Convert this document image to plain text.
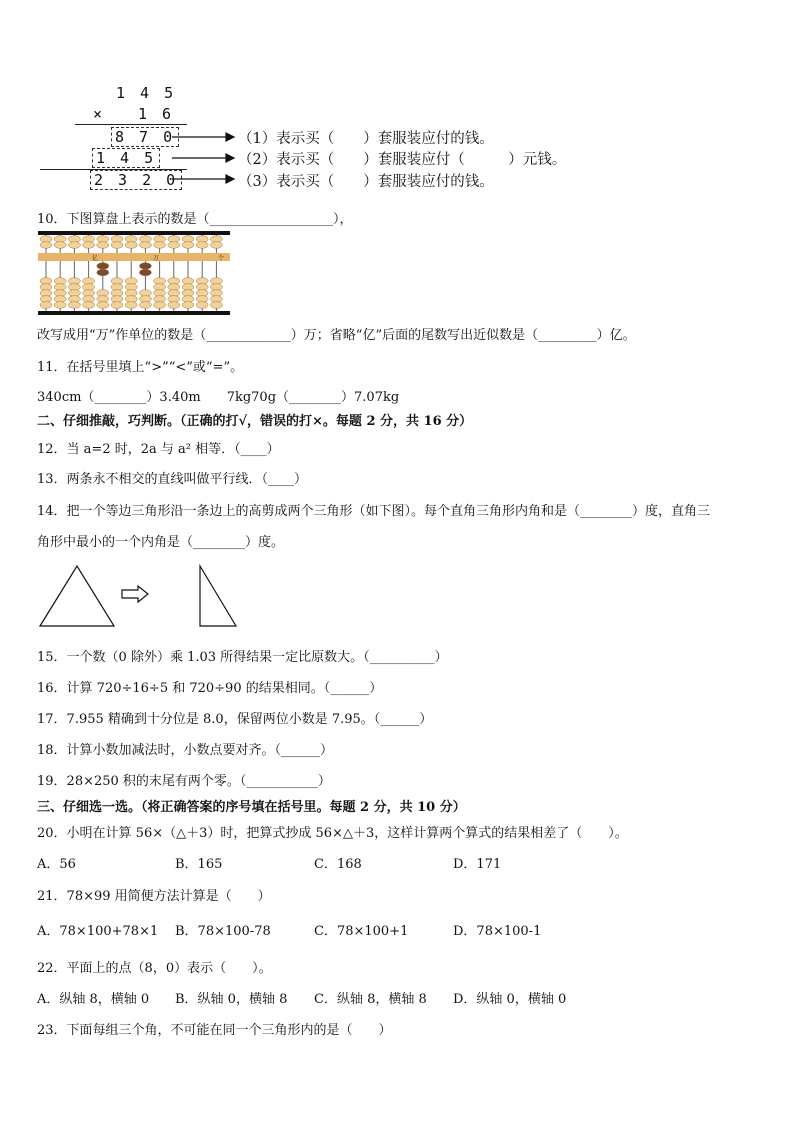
1 4 5
× 1 6
8 7 0
1 4 5
2 3 2 0
（1）表示买（　　）套服装应付的钱。
（2）表示买（　　）套服装应付（　　　）元钱。
（3）表示买（　　）套服装应付的钱。
10．下图算盘上表示的数是（___________________），
亿	万	个
改写成用“万”作单位的数是（_____________）万；省略“亿”后面的尾数写出近似数是（_________）亿。
11．在括号里填上“>”“<”或“=”。
340cm（________）3.40m　　7kg70g（________）7.07kg
二、仔细推敲，巧判断。（正确的打√，错误的打×。每题 2 分，共 16 分）
12．当 a=2 时，2a 与 a² 相等．（____）
13．两条永不相交的直线叫做平行线．（____）
14．把一个等边三角形沿一条边上的高剪成两个三角形（如下图）。每个直角三角形内角和是（________）度，直角三
角形中最小的一个内角是（________）度。
15．一个数（0 除外）乘 1.03 所得结果一定比原数大。（__________）
16．计算 720÷16÷5 和 720÷90 的结果相同。（______）
17．7.955 精确到十分位是 8.0，保留两位小数是 7.95。（______）
18．计算小数加减法时，小数点要对齐。（______）
19．28×250 积的末尾有两个零。（___________）
三、仔细选一选。（将正确答案的序号填在括号里。每题 2 分，共 10 分）
20．小明在计算 56×（△＋3）时，把算式抄成 56×△＋3，这样计算两个算式的结果相差了（　　）。
A．56	B．165	C．168	D．171
21．78×99 用简便方法计算是（　　）
A．78×100+78×1 B．78×100-78	C．78×100+1	D．78×100-1
22．平面上的点（8，0）表示（　　）。
A．纵轴 8，横轴 0 B．纵轴 0，横轴 8 C．纵轴 8，横轴 8 D．纵轴 0，横轴 0
23．下面每组三个角，不可能在同一个三角形内的是（　　）
